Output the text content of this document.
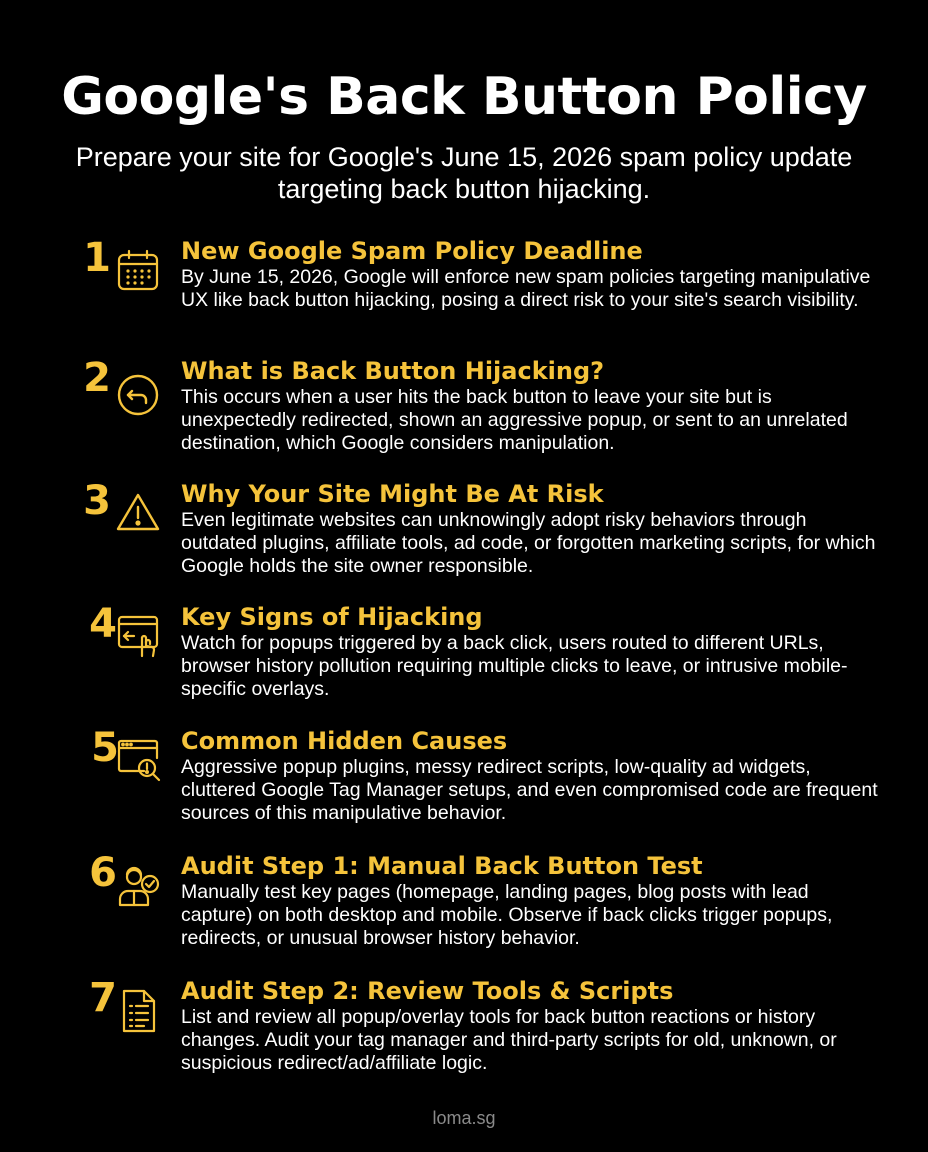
Google's Back Button Policy
Prepare your site for Google's June 15, 2026 spam policy update targeting back button hijacking.
1	New Google Spam Policy Deadline
By June 15, 2026, Google will enforce new spam policies targeting manipulative UX like back button hijacking, posing a direct risk to your site's search visibility.
2	What is Back Button Hijacking?
This occurs when a user hits the back button to leave your site but is unexpectedly redirected, shown an aggressive popup, or sent to an unrelated destination, which Google considers manipulation.
3	Why Your Site Might Be At Risk
Even legitimate websites can unknowingly adopt risky behaviors through outdated plugins, affiliate tools, ad code, or forgotten marketing scripts, for which Google holds the site owner responsible.
4	Key Signs of Hijacking
Watch for popups triggered by a back click, users routed to different URLs, browser history pollution requiring multiple clicks to leave, or intrusive mobile-specific overlays.
5	Common Hidden Causes
Aggressive popup plugins, messy redirect scripts, low-quality ad widgets, cluttered Google Tag Manager setups, and even compromised code are frequent sources of this manipulative behavior.
6	Audit Step 1: Manual Back Button Test
Manually test key pages (homepage, landing pages, blog posts with lead capture) on both desktop and mobile. Observe if back clicks trigger popups, redirects, or unusual browser history behavior.
7	Audit Step 2: Review Tools & Scripts
List and review all popup/overlay tools for back button reactions or history changes. Audit your tag manager and third-party scripts for old, unknown, or suspicious redirect/ad/affiliate logic.
loma.sg
